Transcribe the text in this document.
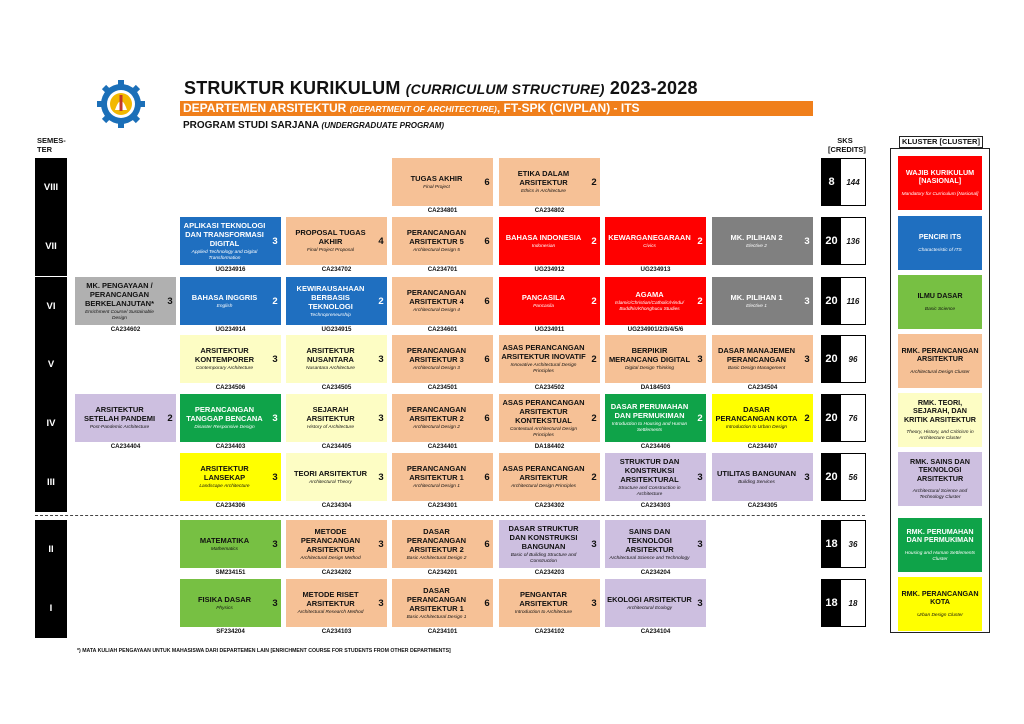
STRUKTUR KURIKULUM (CURRICULUM STRUCTURE) 2023-2028
DEPARTEMEN ARSITEKTUR (DEPARTMENT OF ARCHITECTURE), FT-SPK (CIVPLAN) - ITS
PROGRAM STUDI SARJANA (UNDERGRADUATE PROGRAM)
SEMES-TER
SKS [CREDITS]
KLUSTER [CLUSTER]
VIII	8	144
TUGAS AKHIR
Final Project	6
CA234801
ETIKA DALAM ARSITEKTUR
Ethics in Architecture
2
CA234802
VII	20	136
APLIKASI TEKNOLOGI DAN TRANSFORMASI DIGITAL
Applied Technology and Digital Transformation
3
UG234916
PROPOSAL TUGAS AKHIR
Final Project Proposal
4
CA234702
PERANCANGAN ARSITEKTUR 5
Architectural Design 5
6
CA234701
BAHASA INDONESIA
Indonesian	2
UG234912
KEWARGANEGARAAN
Civics	2
UG234913
MK. PILIHAN 2
Elective 2	3
VI	20	116
MK. PENGAYAAN / PERANCANGAN BERKELANJUTAN*
Enrichment Course/ Sustainable Design
3
CA234602
BAHASA INGGRIS
English	2
UG234914
KEWIRAUSAHAAN BERBASIS TEKNOLOGI
Technopreneurship
2
UG234915
PERANCANGAN ARSITEKTUR 4
Architectural Design 4
6
CA234601
PANCASILA
Pancasila	2
UG234911
AGAMA
Islamic/Christian/Catholic/Hindu/ Buddhis/Khonghucu Studies
2
UG234901/2/3/4/5/6
MK. PILIHAN 1
Elective 1	3
V	20	96
ARSITEKTUR KONTEMPORER
Contemporary Architecture
3
CA234506
ARSITEKTUR NUSANTARA
Nusantara Architecture
3
CA234505
PERANCANGAN ARSITEKTUR 3
Architectural Design 3
6
CA234501
ASAS PERANCANGAN ARSITEKTUR INOVATIF
Innovative Architectural Design Principles
2
CA234502
BERPIKIR MERANCANG DIGITAL
Digital Design Thinking
3
DA184503
DASAR MANAJEMEN PERANCANGAN
Basic Design Management
3
CA234504
IV	20	76
ARSITEKTUR SETELAH PANDEMI
Post-Pandemic Architecture
2
CA234404
PERANCANGAN TANGGAP BENCANA
Disaster Responsive Design
3
CA234403
SEJARAH ARSITEKTUR
History of Architecture
3
CA234405
PERANCANGAN ARSITEKTUR 2
Architectural Design 2
6
CA234401
ASAS PERANCANGAN ARSITEKTUR KONTEKSTUAL
Contextual Architectural Design Principles
2
DA184402
DASAR PERUMAHAN DAN PERMUKIMAN
Introduction to Housing and Human Settlements
2
CA234406
DASAR PERANCANGAN KOTA
Introduction to Urban Design
2
CA234407
III	20	56
ARSITEKTUR LANSEKAP
Landscape Architecture
3
CA234306
TEORI ARSITEKTUR
Architectural Theory	3
CA234304
PERANCANGAN ARSITEKTUR 1
Architectural Design 1
6
CA234301
ASAS PERANCANGAN ARSITEKTUR
Architectural Design Principles
2
CA234302
STRUKTUR DAN KONSTRUKSI ARSITEKTURAL
Structure and Construction in Architecture
3
CA234303
UTILITAS BANGUNAN
Building Services	3
CA234305
II	18	36
MATEMATIKA
Mathematics	3
SM234151
METODE PERANCANGAN ARSITEKTUR
Architectural Design Method
3
CA234202
DASAR PERANCANGAN ARSITEKTUR 2
Basic Architectural Design 2
6
CA234201
DASAR STRUKTUR DAN KONSTRUKSI BANGUNAN
Basic of Building Structure and Construction
3
CA234203
SAINS DAN TEKNOLOGI ARSITEKTUR
Architectural Science and Technology
3
CA234204
I	18	18
FISIKA DASAR
Physics	3
SF234204
METODE RISET ARSITEKTUR
Architectural Research Method
3
CA234103
DASAR PERANCANGAN ARSITEKTUR 1
Basic Architectural Design 1
6
CA234101
PENGANTAR ARSITEKTUR
Introduction to Architecture
3
CA234102
EKOLOGI ARSITEKTUR
Architectural Ecology	3
CA234104
WAJIB KURIKULUM [NASIONAL]
Mandatory for Curriculum [Nasional]
PENCIRI ITS
Characteristic of ITS
ILMU DASAR
Basic Science
RMK. PERANCANGAN ARSITEKTUR
Architectural Design Cluster
RMK. TEORI, SEJARAH, DAN KRITIK ARSITEKTUR
Theory, History, and Criticism in Architecture Cluster
RMK. SAINS DAN TEKNOLOGI ARSITEKTUR
Architectural Science and Technology Cluster
RMK. PERUMAHAN DAN PERMUKIMAN
Housing and Human Settlements Cluster
RMK. PERANCANGAN KOTA
Urban Design Cluster
*) MATA KULIAH PENGAYAAN UNTUK MAHASISWA DARI DEPARTEMEN LAIN [ENRICHMENT COURSE FOR STUDENTS FROM OTHER DEPARTMENTS]
